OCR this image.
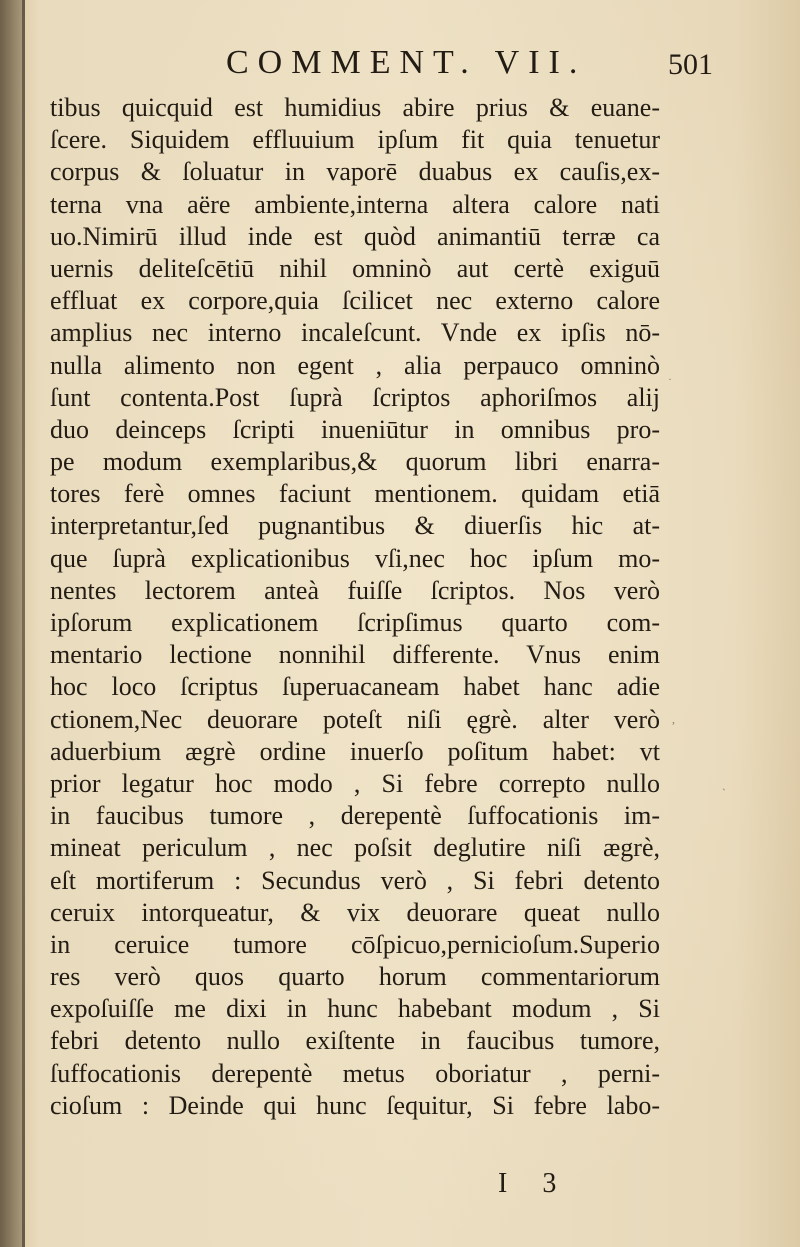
COMMENT. VII.	501
tibus quicquid est humidius abire prius & euane-
ſcere. Siquidem effluuium ipſum fit quia tenuetur
corpus & ſoluatur in vaporē duabus ex cauſis,ex-
terna vna aëre ambiente,interna altera calore nati
uo.Nimirū illud inde est quòd animantiū terræ ca
uernis deliteſcētiū nihil omninò aut certè exiguū
effluat ex corpore,quia ſcilicet nec externo calore
amplius nec interno incaleſcunt. Vnde ex ipſis nō-
nulla alimento non egent , alia perpauco omninò
ſunt contenta.Post ſuprà ſcriptos aphoriſmos alij
duo deinceps ſcripti inueniūtur in omnibus pro-
pe modum exemplaribus,& quorum libri enarra-
tores ferè omnes faciunt mentionem. quidam etiā
interpretantur,ſed pugnantibus & diuerſis hic at-
que ſuprà explicationibus vſi,nec hoc ipſum mo-
nentes lectorem anteà fuiſſe ſcriptos. Nos verò
ipſorum explicationem ſcripſimus quarto com-
mentario lectione nonnihil differente. Vnus enim
hoc loco ſcriptus ſuperuacaneam habet hanc adie
ctionem,Nec deuorare poteſt niſi ęgrè. alter verò
aduerbium ægrè ordine inuerſo poſitum habet: vt
prior legatur hoc modo , Si febre correpto nullo
in faucibus tumore , derepentè ſuffocationis im-
mineat periculum , nec poſsit deglutire niſi ægrè,
eſt mortiferum : Secundus verò , Si febri detento
ceruix intorqueatur, & vix deuorare queat nullo
in ceruice tumore cōſpicuo,pernicioſum.Superio
res verò quos quarto horum commentariorum
expoſuiſſe me dixi in hunc habebant modum , Si
febri detento nullo exiſtente in faucibus tumore,
ſuffocationis derepentè metus oboriatur , perni-
cioſum : Deinde qui hunc ſequitur, Si febre labo-
I 3
·
,
`
